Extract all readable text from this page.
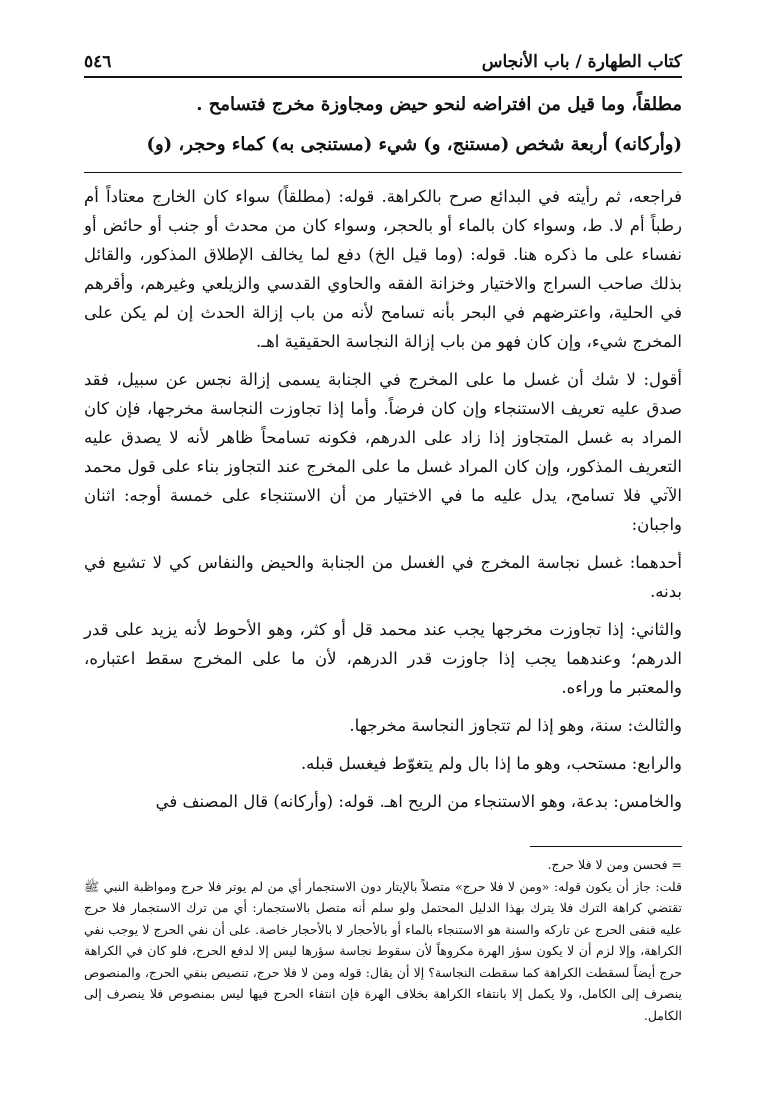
كتاب الطهارة / باب الأنجاس
٥٤٦

مطلقاً، وما قيل من افتراضه لنحو حيض ومجاوزة مخرج فتسامح .

(وأركانه) أربعة شخص (مستنج، و) شيء (مستنجى به) كماء وحجر، (و)

فراجعه، ثم رأيته في البدائع صرح بالكراهة. قوله: (مطلقاً) سواء كان الخارج معتاداً أم رطباً أم لا. ط، وسواء كان بالماء أو بالحجر، وسواء كان من محدث أو جنب أو حائض أو نفساء على ما ذكره هنا. قوله: (وما قيل الخ) دفع لما يخالف الإطلاق المذكور، والقائل بذلك صاحب السراج والاختيار وخزانة الفقه والحاوي القدسي والزيلعي وغيرهم، وأقرهم في الحلية، واعترضهم في البحر بأنه تسامح لأنه من باب إزالة الحدث إن لم يكن على المخرج شيء، وإن كان فهو من باب إزالة النجاسة الحقيقية اهـ.

أقول: لا شك أن غسل ما على المخرج في الجنابة يسمى إزالة نجس عن سبيل، فقد صدق عليه تعريف الاستنجاء وإن كان فرضاً. وأما إذا تجاوزت النجاسة مخرجها، فإن كان المراد به غسل المتجاوز إذا زاد على الدرهم، فكونه تسامحاً ظاهر لأنه لا يصدق عليه التعريف المذكور، وإن كان المراد غسل ما على المخرج عند التجاوز بناء على قول محمد الآتي فلا تسامح، يدل عليه ما في الاختيار من أن الاستنجاء على خمسة أوجه: اثنان واجبان:

أحدهما: غسل نجاسة المخرج في الغسل من الجنابة والحيض والنفاس كي لا تشيع في بدنه.

والثاني: إذا تجاوزت مخرجها يجب عند محمد قل أو كثر، وهو الأحوط لأنه يزيد على قدر الدرهم؛ وعندهما يجب إذا جاوزت قدر الدرهم، لأن ما على المخرج سقط اعتباره، والمعتبر ما وراءه.

والثالث: سنة، وهو إذا لم تتجاوز النجاسة مخرجها.

والرابع: مستحب، وهو ما إذا بال ولم يتغوّط فيغسل قبله.

والخامس: بدعة، وهو الاستنجاء من الريح اهـ. قوله: (وأركانه) قال المصنف في

= فحسن ومن لا فلا حرج.

قلت: جاز أن يكون قوله: «ومن لا فلا حرج» متصلاً بالإيتار دون الاستجمار أي من لم يوتر فلا حرج ومواظبة النبي ﷺ تقتضي كراهة الترك فلا يترك بهذا الدليل المحتمل ولو سلم أنه متصل بالاستجمار: أي من ترك الاستجمار فلا حرج عليه فنفى الحرج عن تاركه والسنة هو الاستنجاء بالماء أو بالأحجار لا بالأحجار خاصة. على أن نفي الحرج لا يوجب نفي الكراهة، وإلا لزم أن لا يكون سؤر الهرة مكروهاً لأن سقوط نجاسة سؤرها ليس إلا لدفع الحرج، فلو كان في الكراهة حرج أيضاً لسقطت الكراهة كما سقطت النجاسة؟ إلا أن يقال: قوله ومن لا فلا حرج، تنصيص بنفي الحرج، والمنصوص ينصرف إلى الكامل، ولا يكمل إلا بانتفاء الكراهة بخلاف الهرة فإن انتفاء الحرج فيها ليس بمنصوص فلا ينصرف إلى الكامل.
